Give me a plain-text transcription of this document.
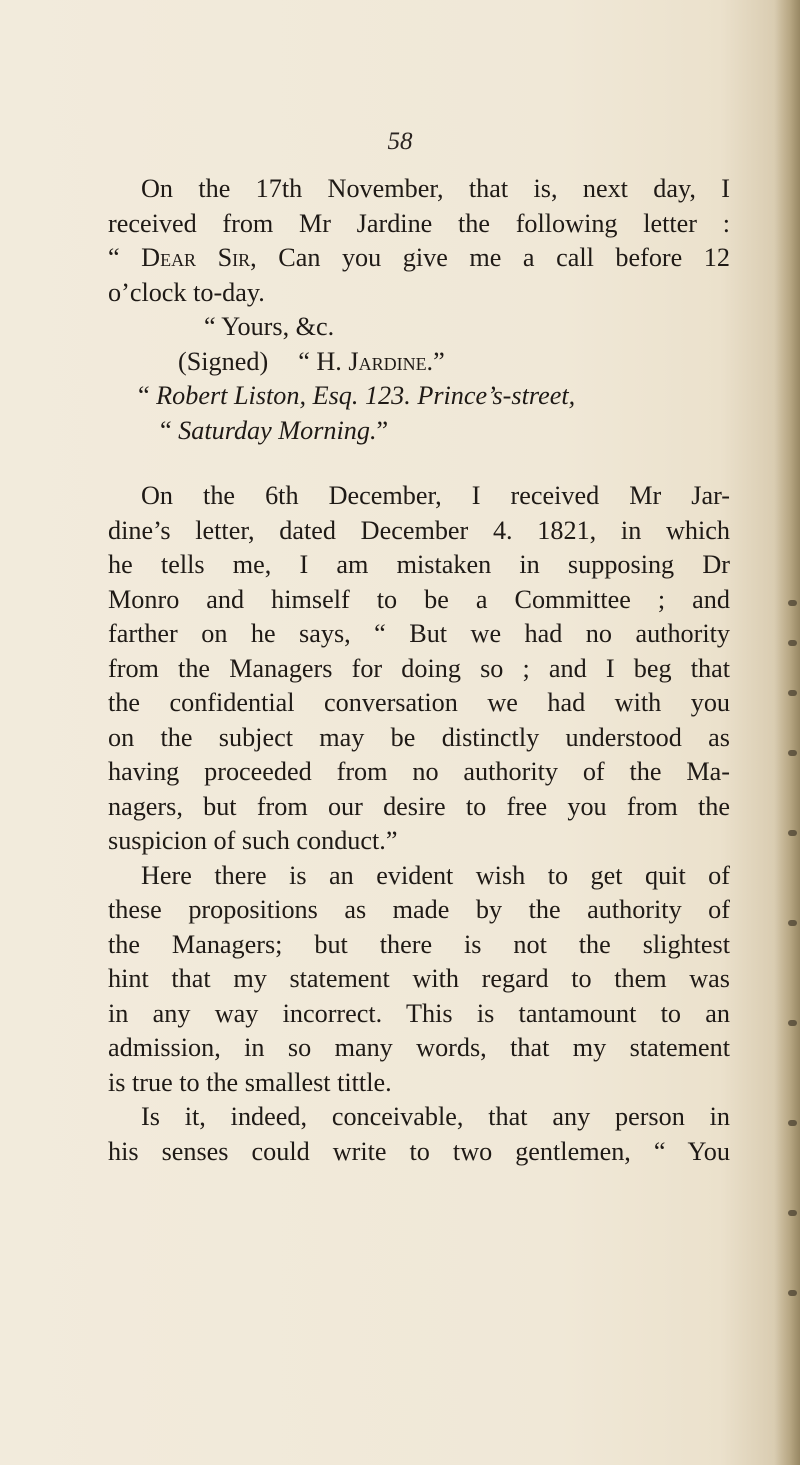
58
On the 17th November, that is, next day, I
received from Mr Jardine the following letter :
“ Dear Sir, Can you give me a call before 12
o’clock to-day.
“ Yours, &c.
(Signed) “ H. Jardine.”
“ Robert Liston, Esq. 123. Prince’s-street,
“ Saturday Morning.”
On the 6th December, I received Mr Jar-
dine’s letter, dated December 4. 1821, in which
he tells me, I am mistaken in supposing Dr
Monro and himself to be a Committee ; and
farther on he says, “ But we had no authority
from the Managers for doing so ; and I beg that
the confidential conversation we had with you
on the subject may be distinctly understood as
having proceeded from no authority of the Ma-
nagers, but from our desire to free you from the
suspicion of such conduct.”
Here there is an evident wish to get quit of
these propositions as made by the authority of
the Managers; but there is not the slightest
hint that my statement with regard to them was
in any way incorrect. This is tantamount to an
admission, in so many words, that my statement
is true to the smallest tittle.
Is it, indeed, conceivable, that any person in
his senses could write to two gentlemen, “ You
